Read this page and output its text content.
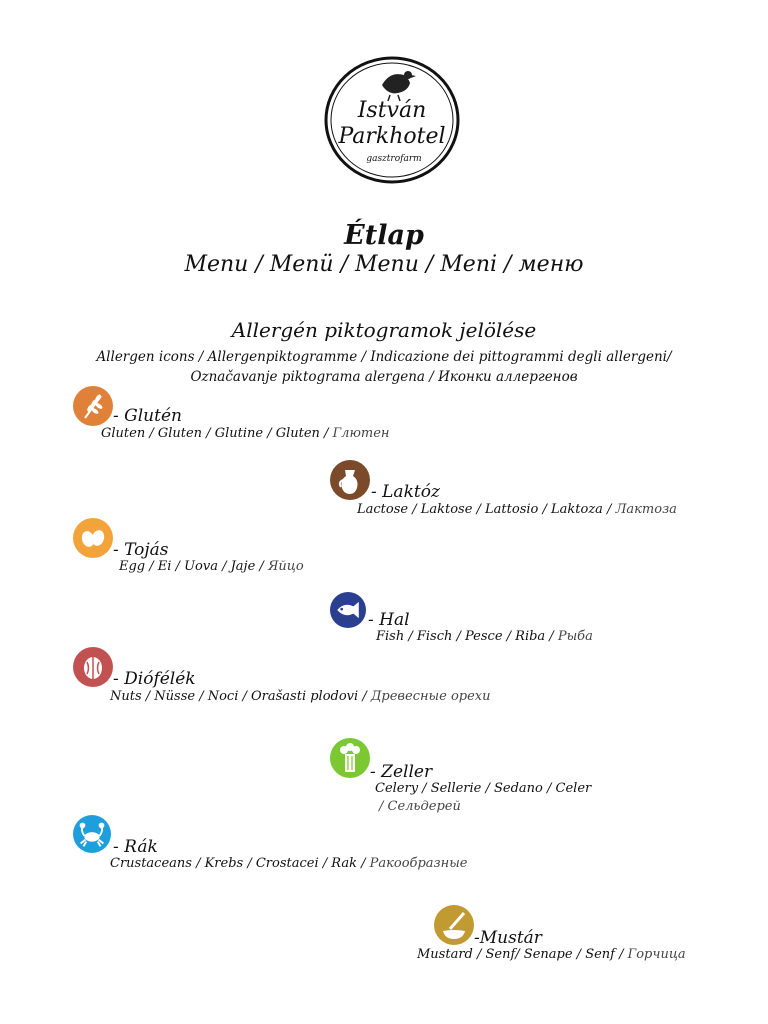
István
Parkhotel
gasztrofarm
Étlap
Menu / Menü / Menu / Meni / меню
Allergén piktogramok jelölése
Allergen icons / Allergenpiktogramme / Indicazione dei pittogrammi degli allergeni/
Označavanje piktograma alergena / Иконки аллергенов
- Glutén
Gluten / Gluten / Glutine / Gluten / Глютен
- Laktóz
Lactose / Laktose / Lattosio / Laktoza / Лактоза
- Tojás
Egg / Ei / Uova / Jaje / Яйцо
- Hal
Fish / Fisch / Pesce / Riba / Рыба
- Diófélék
Nuts / Nüsse / Noci / Orašasti plodovi / Древесные орехи
- Zeller
Celery / Sellerie / Sedano / Celer
/ Сельдерей
- Rák
Crustaceans / Krebs / Crostacei / Rak / Ракообразные
-Mustár
Mustard / Senf/ Senape / Senf / Горчица
